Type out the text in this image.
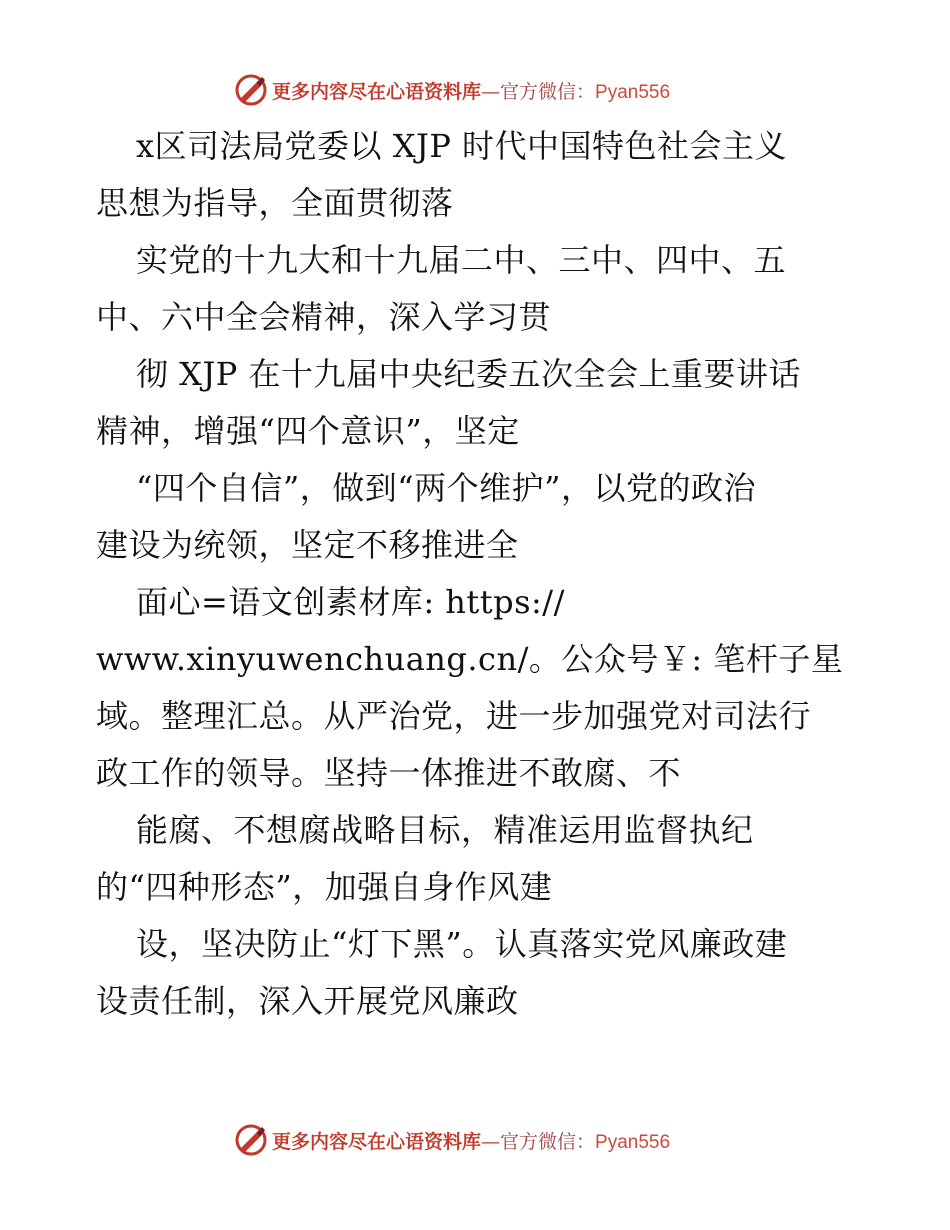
更多内容尽在心语资料库—官方微信：Pyan556
x区司法局党委以 XJP 时代中国特色社会主义
思想为指导，全面贯彻落
实党的十九大和十九届二中、三中、四中、五
中、六中全会精神，深入学习贯
彻 XJP 在十九届中央纪委五次全会上重要讲话
精神，增强“四个意识”，坚定
“四个自信”，做到“两个维护”，以党的政治
建设为统领，坚定不移推进全
面心=语文创素材库: https://
www.xinyuwenchuang.cn/。公众号￥: 笔杆子星
域。整理汇总。从严治党，进一步加强党对司法行
政工作的领导。坚持一体推进不敢腐、不
能腐、不想腐战略目标，精准运用监督执纪
的“四种形态”，加强自身作风建
设，坚决防止“灯下黑”。认真落实党风廉政建
设责任制，深入开展党风廉政
更多内容尽在心语资料库—官方微信：Pyan556
